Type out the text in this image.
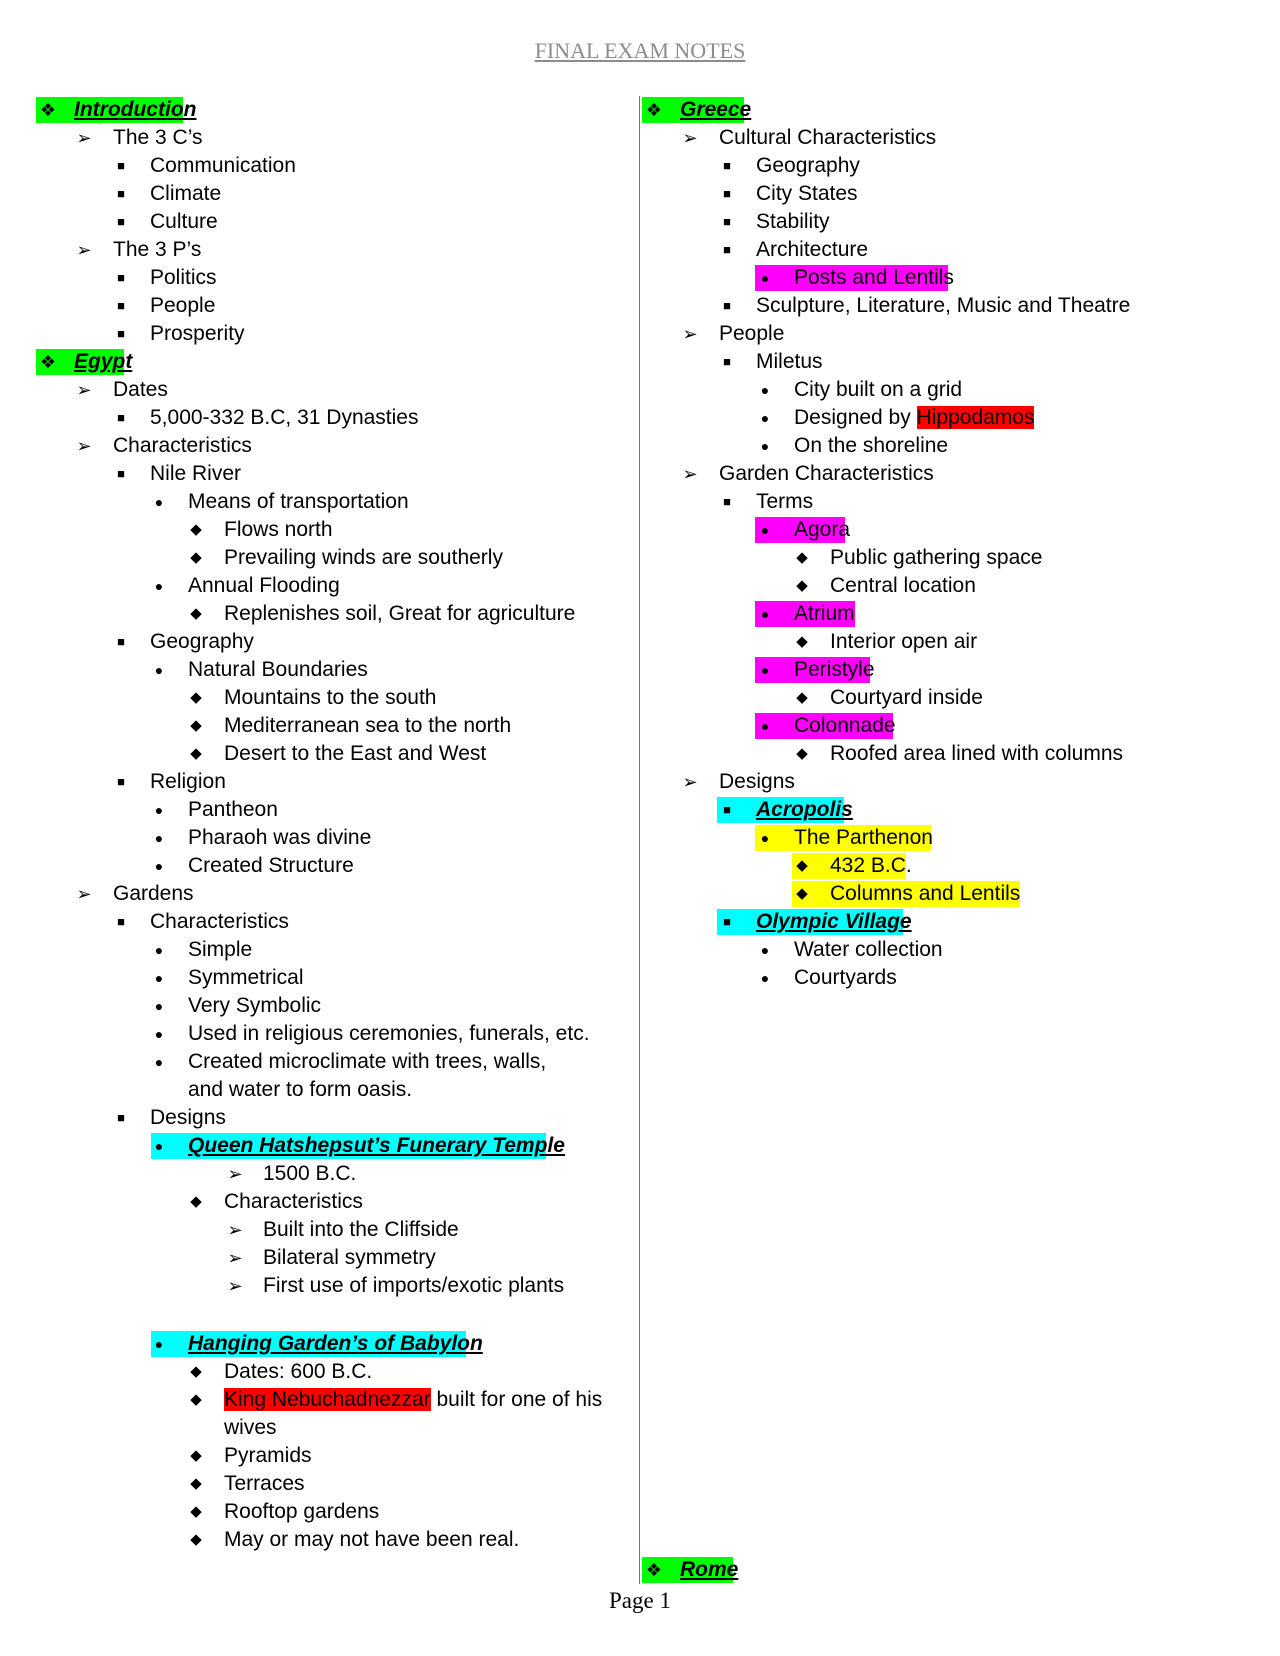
FINAL EXAM NOTES
❖ Introduction
➢ The 3 C’s
■ Communication
■ Climate
■ Culture
➢ The 3 P’s
■ Politics
■ People
■ Prosperity
❖ Egypt
➢ Dates
■ 5,000-332 B.C, 31 Dynasties
➢ Characteristics
■ Nile River
● Means of transportation
◆ Flows north
◆ Prevailing winds are southerly
● Annual Flooding
◆ Replenishes soil, Great for agriculture
■ Geography
● Natural Boundaries
◆ Mountains to the south
◆ Mediterranean sea to the north
◆ Desert to the East and West
■ Religion
● Pantheon
● Pharaoh was divine
● Created Structure
➢ Gardens
■ Characteristics
● Simple
● Symmetrical
● Very Symbolic
● Used in religious ceremonies, funerals, etc.
● Created microclimate with trees, walls, and water to form oasis.
■ Designs
● Queen Hatshepsut’s Funerary Temple
➢ 1500 B.C.
◆ Characteristics
➢ Built into the Cliffside
➢ Bilateral symmetry
➢ First use of imports/exotic plants
● Hanging Garden’s of Babylon
◆ Dates: 600 B.C.
◆ King Nebuchadnezzar built for one of his wives
◆ Pyramids
◆ Terraces
◆ Rooftop gardens
◆ May or may not have been real.
❖ Greece
➢ Cultural Characteristics
■ Geography
■ City States
■ Stability
■ Architecture
● Posts and Lentils
■ Sculpture, Literature, Music and Theatre
➢ People
■ Miletus
● City built on a grid
● Designed by Hippodamos
● On the shoreline
➢ Garden Characteristics
■ Terms
● Agora
◆ Public gathering space
◆ Central location
● Atrium
◆ Interior open air
● Peristyle
◆ Courtyard inside
● Colonnade
◆ Roofed area lined with columns
➢ Designs
■ Acropolis
● The Parthenon
◆ 432 B.C.
◆ Columns and Lentils
■ Olympic Village
● Water collection
● Courtyards
❖ Rome
Page 1
